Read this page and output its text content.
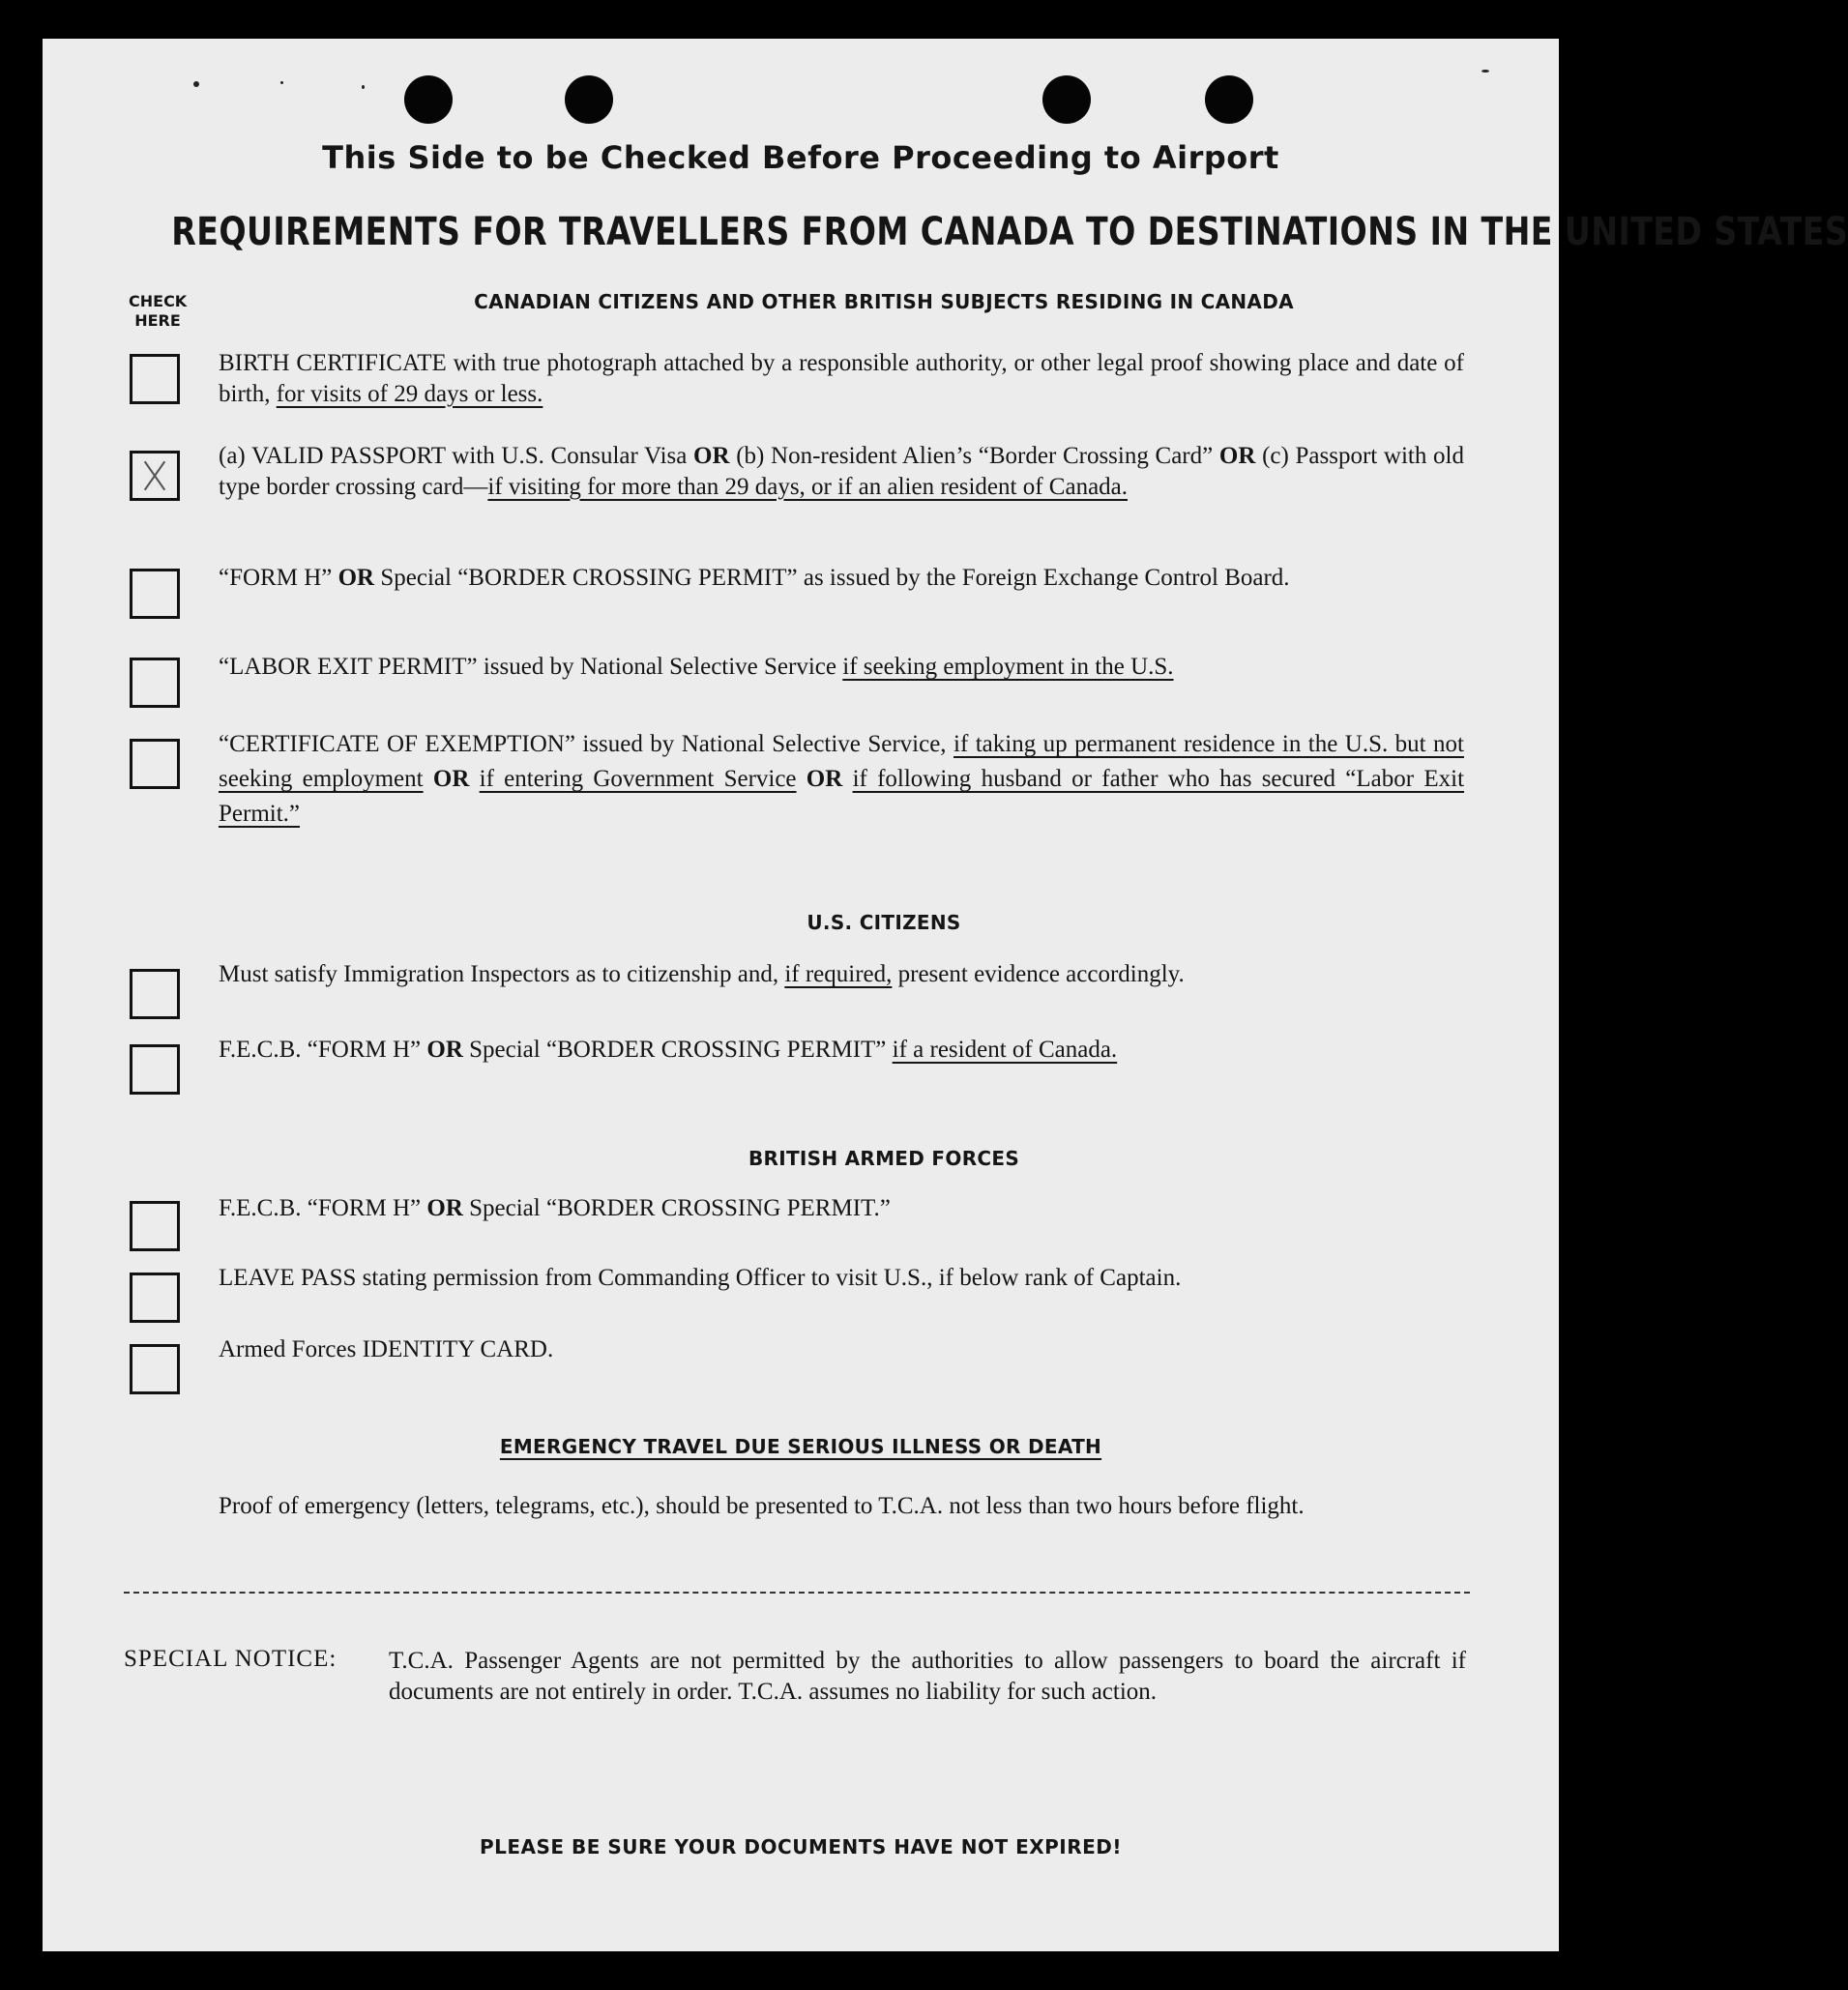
This Side to be Checked Before Proceeding to Airport
REQUIREMENTS FOR TRAVELLERS FROM CANADA TO DESTINATIONS IN THE UNITED STATES
CHECK HERE
CANADIAN CITIZENS AND OTHER BRITISH SUBJECTS RESIDING IN CANADA
BIRTH CERTIFICATE with true photograph attached by a responsible authority, or other legal proof showing place and date of birth, for visits of 29 days or less.
(a) VALID PASSPORT with U.S. Consular Visa OR (b) Non-resident Alien’s “Border Crossing Card” OR (c) Passport with old type border crossing card—if visiting for more than 29 days, or if an alien resident of Canada.
“FORM H” OR Special “BORDER CROSSING PERMIT” as issued by the Foreign Exchange Control Board.
“LABOR EXIT PERMIT” issued by National Selective Service if seeking employment in the U.S.
“CERTIFICATE OF EXEMPTION” issued by National Selective Service, if taking up permanent residence in the U.S. but not seeking employment OR if entering Government Service OR if following husband or father who has secured “Labor Exit Permit.”
U.S. CITIZENS
Must satisfy Immigration Inspectors as to citizenship and, if required, present evidence accordingly.
F.E.C.B. “FORM H” OR Special “BORDER CROSSING PERMIT” if a resident of Canada.
BRITISH ARMED FORCES
F.E.C.B. “FORM H” OR Special “BORDER CROSSING PERMIT.”
LEAVE PASS stating permission from Commanding Officer to visit U.S., if below rank of Captain.
Armed Forces IDENTITY CARD.
EMERGENCY TRAVEL DUE SERIOUS ILLNESS OR DEATH
Proof of emergency (letters, telegrams, etc.), should be presented to T.C.A. not less than two hours before flight.
SPECIAL NOTICE: T.C.A. Passenger Agents are not permitted by the authorities to allow passengers to board the aircraft if documents are not entirely in order. T.C.A. assumes no liability for such action.
PLEASE BE SURE YOUR DOCUMENTS HAVE NOT EXPIRED!
